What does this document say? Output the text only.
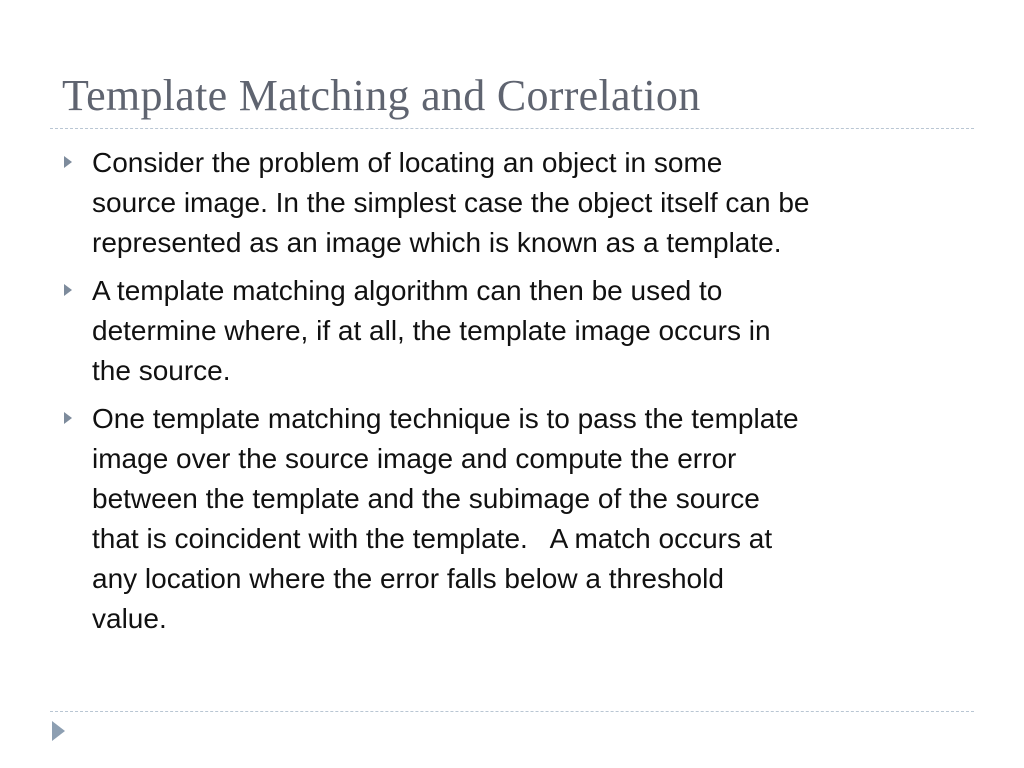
Template Matching and Correlation
Consider the problem of locating an object in some
source image. In the simplest case the object itself can be
represented as an image which is known as a template.
A template matching algorithm can then be used to
determine where, if at all, the template image occurs in
the source.
One template matching technique is to pass the template
image over the source image and compute the error
between the template and the subimage of the source
that is coincident with the template.   A match occurs at
any location where the error falls below a threshold
value.
